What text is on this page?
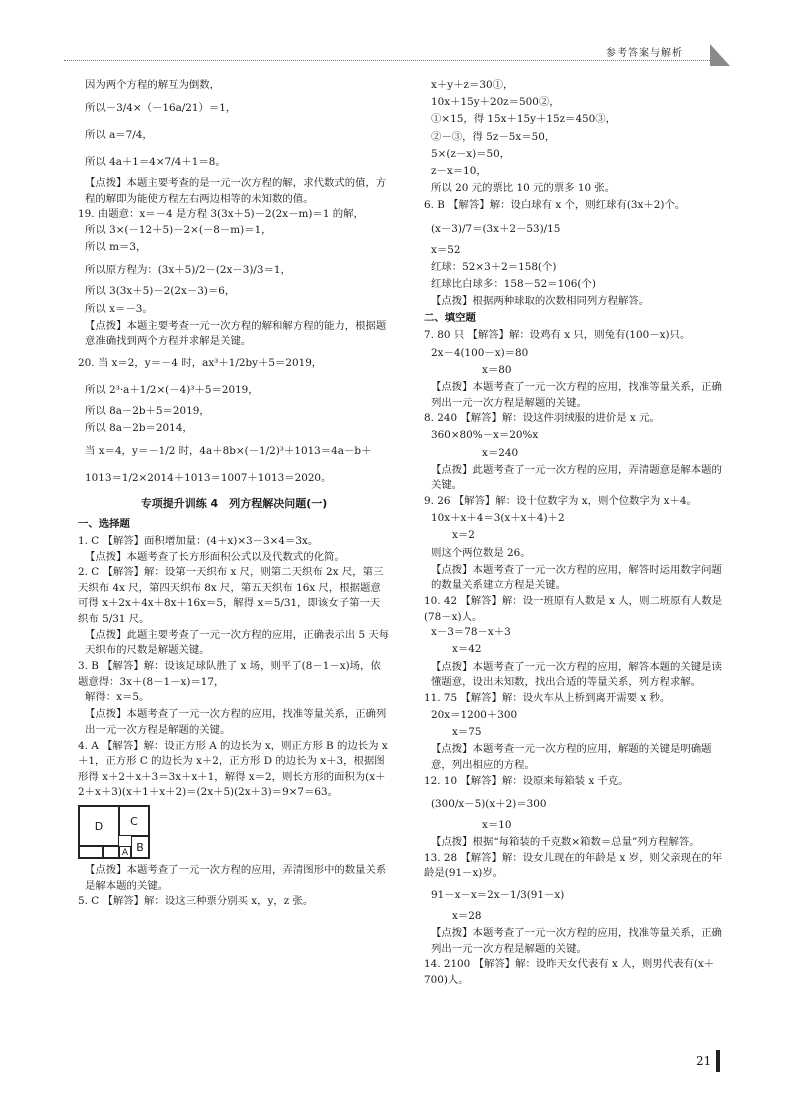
参考答案与解析
因为两个方程的解互为倒数，
所以－3/4×（－16a/21）＝1，
所以 a＝7/4，
所以 4a＋1＝4×7/4＋1＝8。
【点拨】本题主要考查的是一元一次方程的解，求代数式的值，方程的解即为能使方程左右两边相等的未知数的值。
19. 由题意：x＝－4 是方程 3(3x＋5)－2(2x－m)＝1 的解，
所以 3×(－12＋5)－2×(－8－m)＝1，
所以 m＝3，
所以原方程为：(3x＋5)/2－(2x－3)/3＝1，
所以 3(3x＋5)－2(2x－3)＝6，
所以 x＝－3。
【点拨】本题主要考查一元一次方程的解和解方程的能力，根据题意准确找到两个方程并求解是关键。
20. 当 x＝2，y＝－4 时，ax³＋1/2by＋5＝2019，
所以 2³·a＋1/2×(－4)³＋5＝2019，
所以 8a－2b＋5＝2019，
所以 8a－2b＝2014，
当 x＝4，y＝－1/2 时，4a＋8b×(－1/2)³＋1013＝4a－b＋
1013＝1/2×2014＋1013＝1007＋1013＝2020。
专项提升训练 4　列方程解决问题(一)
一、选择题
1. C 【解答】面积增加量：(4＋x)×3－3×4＝3x。
【点拨】本题考查了长方形面积公式以及代数式的化简。
2. C 【解答】解：设第一天织布 x 尺，则第二天织布 2x 尺，第三天织布 4x 尺，第四天织布 8x 尺，第五天织布 16x 尺，根据题意可得 x＋2x＋4x＋8x＋16x＝5，解得 x＝5/31，即该女子第一天织布 5/31 尺。
【点拨】此题主要考查了一元一次方程的应用，正确表示出 5 天每天织布的尺数是解题关键。
3. B 【解答】解：设该足球队胜了 x 场，则平了(8－1－x)场，依题意得：3x＋(8－1－x)＝17，
解得：x＝5。
【点拨】本题考查了一元一次方程的应用，找准等量关系，正确列出一元一次方程是解题的关键。
4. A 【解答】解：设正方形 A 的边长为 x，则正方形 B 的边长为 x＋1，正方形 C 的边长为 x＋2，正方形 D 的边长为 x＋3，根据图形得 x＋2＋x＋3＝3x＋x＋1，解得 x＝2，则长方形的面积为(x＋2＋x＋3)(x＋1＋x＋2)＝(2x＋5)(2x＋3)＝9×7＝63。
D	C
A B
【点拨】本题考查了一元一次方程的应用，弄清图形中的数量关系是解本题的关键。
5. C 【解答】解：设这三种票分别买 x，y，z 张。
x＋y＋z＝30①，
10x＋15y＋20z＝500②，
①×15，得 15x＋15y＋15z＝450③，
②－③，得 5z－5x＝50，
5×(z－x)＝50，
z－x＝10，
所以 20 元的票比 10 元的票多 10 张。
6. B 【解答】解：设白球有 x 个，则红球有(3x＋2)个。
(x－3)/7＝(3x＋2－53)/15
x＝52
红球：52×3＋2＝158(个)
红球比白球多：158－52＝106(个)
【点拨】根据两种球取的次数相同列方程解答。
二、填空题
7. 80 只 【解答】解：设鸡有 x 只，则兔有(100－x)只。
2x－4(100－x)＝80
x＝80
【点拨】本题考查了一元一次方程的应用，找准等量关系，正确列出一元一次方程是解题的关键。
8. 240 【解答】解：设这件羽绒服的进价是 x 元。
360×80%－x＝20%x
x＝240
【点拨】此题考查了一元一次方程的应用，弄清题意是解本题的关键。
9. 26 【解答】解：设十位数字为 x，则个位数字为 x＋4。
10x＋x＋4＝3(x＋x＋4)＋2
x＝2
则这个两位数是 26。
【点拨】本题考查了一元一次方程的应用，解答时运用数字问题的数量关系建立方程是关键。
10. 42 【解答】解：设一班原有人数是 x 人，则二班原有人数是(78－x)人。
x－3＝78－x＋3
x＝42
【点拨】本题考查了一元一次方程的应用，解答本题的关键是读懂题意，设出未知数，找出合适的等量关系，列方程求解。
11. 75 【解答】解：设火车从上桥到离开需要 x 秒。
20x＝1200＋300
x＝75
【点拨】本题考查一元一次方程的应用，解题的关键是明确题意，列出相应的方程。
12. 10 【解答】解：设原来每箱装 x 千克。
(300/x－5)(x＋2)＝300
x＝10
【点拨】根据“每箱装的千克数×箱数＝总量”列方程解答。
13. 28 【解答】解：设女儿现在的年龄是 x 岁，则父亲现在的年龄是(91－x)岁。
91－x－x＝2x－1/3(91－x)
x＝28
【点拨】本题考查了一元一次方程的应用，找准等量关系，正确列出一元一次方程是解题的关键。
14. 2100 【解答】解：设昨天女代表有 x 人，则男代表有(x＋700)人。
21
